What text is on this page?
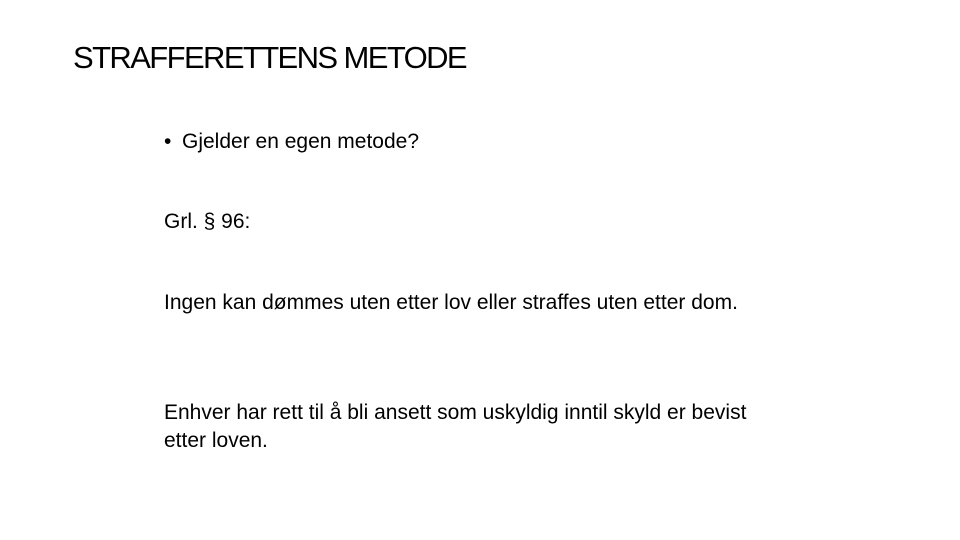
STRAFFERETTENS METODE
• Gjelder en egen metode?

Grl. § 96:

Ingen kan dømmes uten etter lov eller straffes uten etter dom.

Enhver har rett til å bli ansett som uskyldig inntil skyld er bevist etter loven.
